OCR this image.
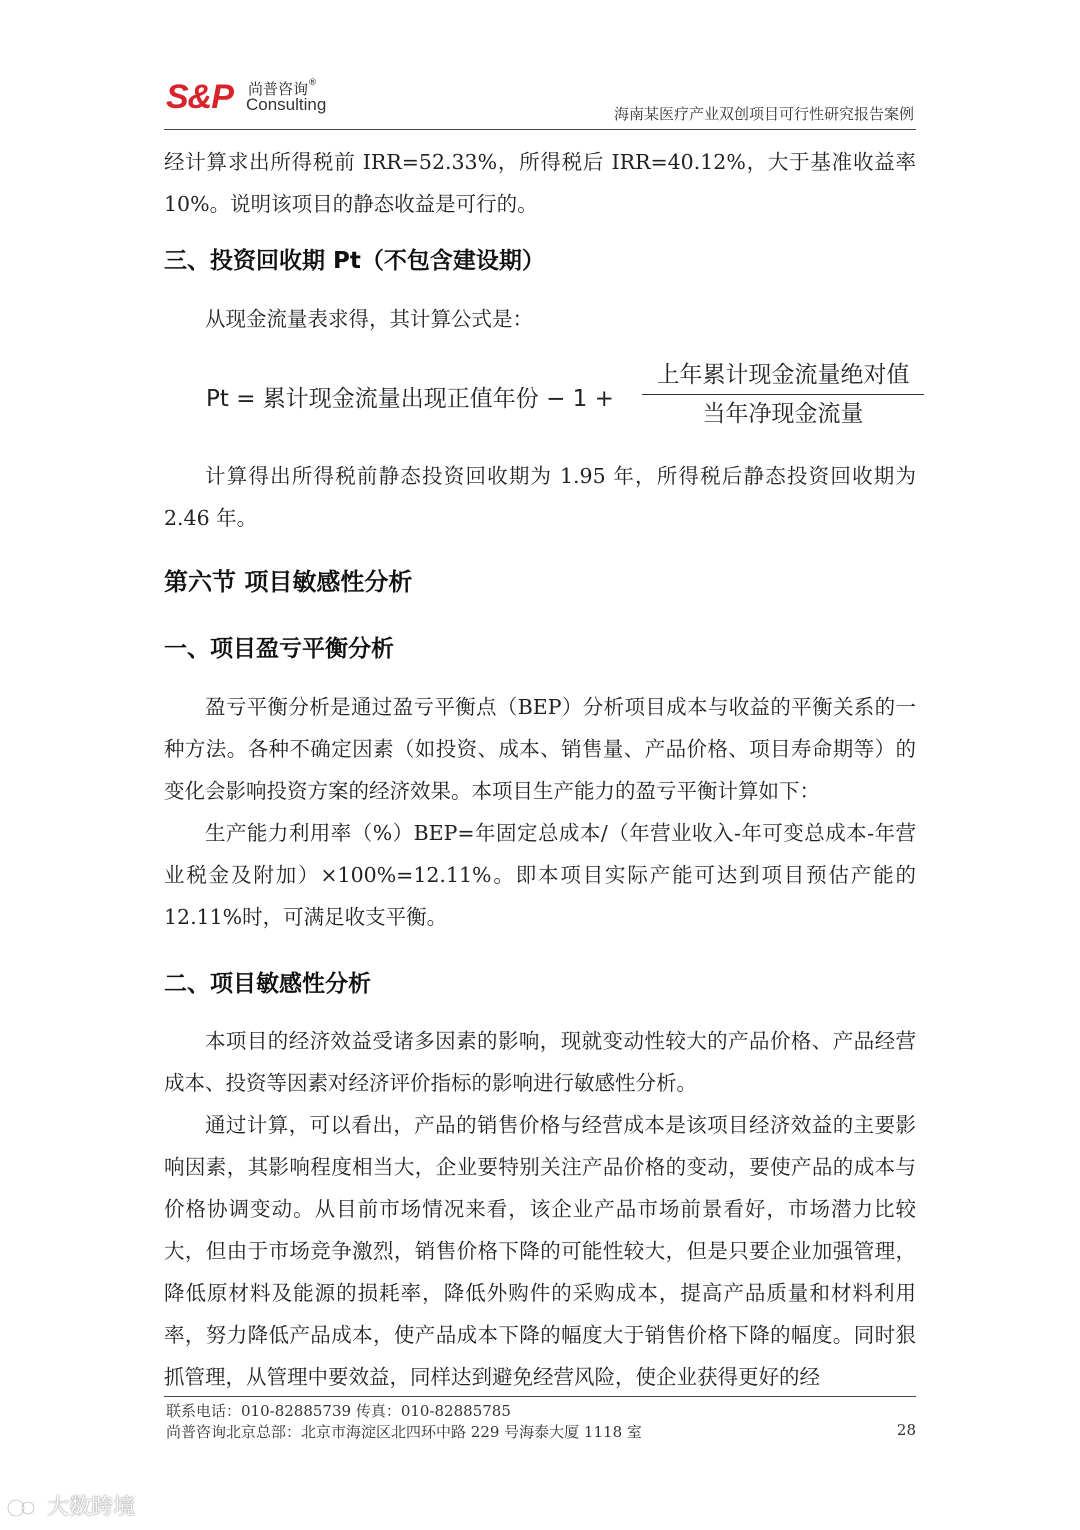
S&P 尚普咨询®
Consulting	海南某医疗产业双创项目可行性研究报告案例
经计算求出所得税前 IRR=52.33%，所得税后 IRR=40.12%，大于基准收益率 10%。说明该项目的静态收益是可行的。
三、投资回收期 Pt（不包含建设期）
从现金流量表求得，其计算公式是：
Pt = 累计现金流量出现正值年份 − 1 +
上年累计现金流量绝对值
当年净现金流量
计算得出所得税前静态投资回收期为 1.95 年，所得税后静态投资回收期为 2.46 年。
第六节 项目敏感性分析
一、项目盈亏平衡分析
盈亏平衡分析是通过盈亏平衡点（BEP）分析项目成本与收益的平衡关系的一种方法。各种不确定因素（如投资、成本、销售量、产品价格、项目寿命期等）的变化会影响投资方案的经济效果。本项目生产能力的盈亏平衡计算如下：
生产能力利用率（%）BEP=年固定总成本/（年营业收入-年可变总成本-年营业税金及附加）×100%=12.11%。即本项目实际产能可达到项目预估产能的 12.11%时，可满足收支平衡。
二、项目敏感性分析
本项目的经济效益受诸多因素的影响，现就变动性较大的产品价格、产品经营成本、投资等因素对经济评价指标的影响进行敏感性分析。
通过计算，可以看出，产品的销售价格与经营成本是该项目经济效益的主要影响因素，其影响程度相当大，企业要特别关注产品价格的变动，要使产品的成本与价格协调变动。从目前市场情况来看，该企业产品市场前景看好，市场潜力比较大，但由于市场竞争激烈，销售价格下降的可能性较大，但是只要企业加强管理，降低原材料及能源的损耗率，降低外购件的采购成本，提高产品质量和材料利用率，努力降低产品成本，使产品成本下降的幅度大于销售价格下降的幅度。同时狠抓管理，从管理中要效益，同样达到避免经营风险，使企业获得更好的经
联系电话：010-82885739 传真：010-82885785
尚普咨询北京总部：北京市海淀区北四环中路 229 号海泰大厦 1118 室	28
大数跨境
